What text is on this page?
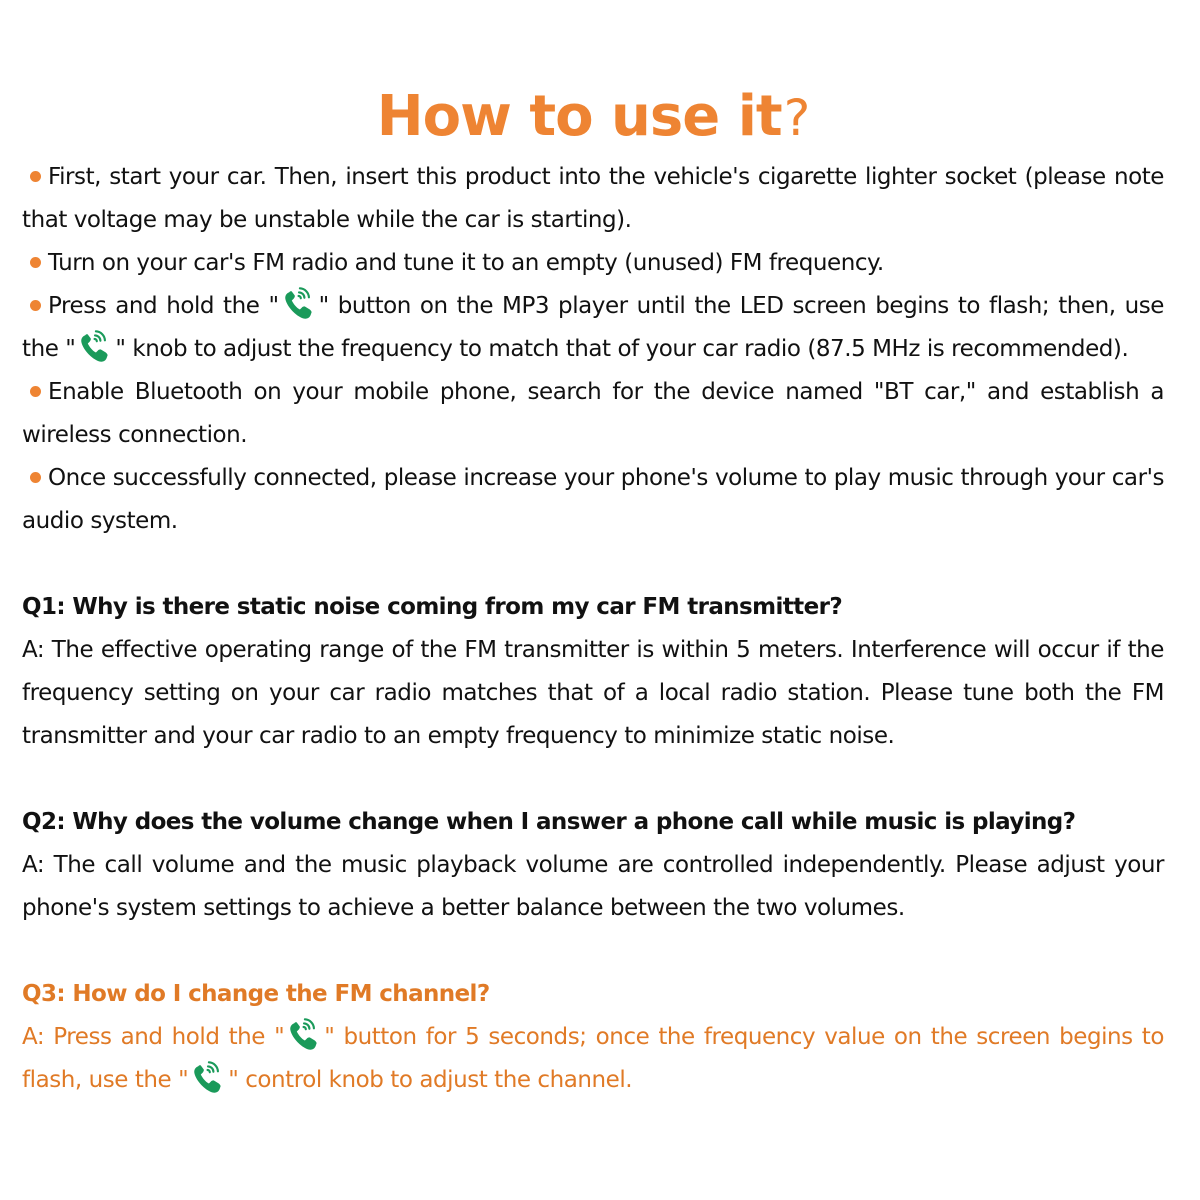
How to use it?

First, start your car. Then, insert this product into the vehicle's cigarette lighter socket (please note that voltage may be unstable while the car is starting).

Turn on your car's FM radio and tune it to an empty (unused) FM frequency.

Press and hold the " " button on the MP3 player until the LED screen begins to flash; then, use the " " knob to adjust the frequency to match that of your car radio (87.5 MHz is recommended).

Enable Bluetooth on your mobile phone, search for the device named "BT car," and establish a wireless connection.

Once successfully connected, please increase your phone's volume to play music through your car's audio system.

Q1: Why is there static noise coming from my car FM transmitter?

A: The effective operating range of the FM transmitter is within 5 meters. Interference will occur if the frequency setting on your car radio matches that of a local radio station. Please tune both the FM transmitter and your car radio to an empty frequency to minimize static noise.

Q2: Why does the volume change when I answer a phone call while music is playing?

A: The call volume and the music playback volume are controlled independently. Please adjust your phone's system settings to achieve a better balance between the two volumes.

Q3: How do I change the FM channel?

A: Press and hold the " " button for 5 seconds; once the frequency value on the screen begins to flash, use the " " control knob to adjust the channel.
